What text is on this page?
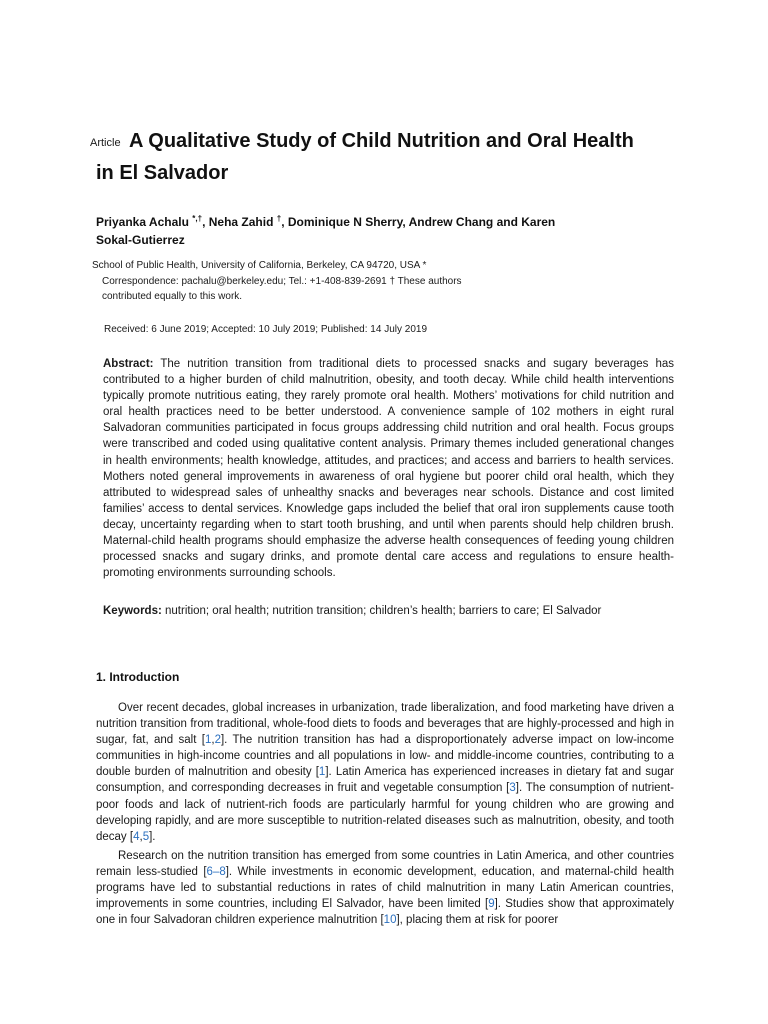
Article A Qualitative Study of Child Nutrition and Oral Health in El Salvador
Priyanka Achalu *,†, Neha Zahid †, Dominique N Sherry, Andrew Chang and Karen Sokal-Gutierrez
School of Public Health, University of California, Berkeley, CA 94720, USA *
Correspondence: pachalu@berkeley.edu; Tel.: +1-408-839-2691 † These authors contributed equally to this work.
Received: 6 June 2019; Accepted: 10 July 2019; Published: 14 July 2019

Abstract: The nutrition transition from traditional diets to processed snacks and sugary beverages has contributed to a higher burden of child malnutrition, obesity, and tooth decay. While child health interventions typically promote nutritious eating, they rarely promote oral health. Mothers’ motivations for child nutrition and oral health practices need to be better understood. A convenience sample of 102 mothers in eight rural Salvadoran communities participated in focus groups addressing child nutrition and oral health. Focus groups were transcribed and coded using qualitative content analysis. Primary themes included generational changes in health environments; health knowledge, attitudes, and practices; and access and barriers to health services. Mothers noted general improvements in awareness of oral hygiene but poorer child oral health, which they attributed to widespread sales of unhealthy snacks and beverages near schools. Distance and cost limited families’ access to dental services. Knowledge gaps included the belief that oral iron supplements cause tooth decay, uncertainty regarding when to start tooth brushing, and until when parents should help children brush. Maternal-child health programs should emphasize the adverse health consequences of feeding young children processed snacks and sugary drinks, and promote dental care access and regulations to ensure health-promoting environments surrounding schools.

Keywords: nutrition; oral health; nutrition transition; children’s health; barriers to care; El Salvador
1. Introduction

Over recent decades, global increases in urbanization, trade liberalization, and food marketing have driven a nutrition transition from traditional, whole-food diets to foods and beverages that are highly-processed and high in sugar, fat, and salt [1,2]. The nutrition transition has had a disproportionately adverse impact on low-income communities in high-income countries and all populations in low- and middle-income countries, contributing to a double burden of malnutrition and obesity [1]. Latin America has experienced increases in dietary fat and sugar consumption, and corresponding decreases in fruit and vegetable consumption [3]. The consumption of nutrient-poor foods and lack of nutrient-rich foods are particularly harmful for young children who are growing and developing rapidly, and are more susceptible to nutrition-related diseases such as malnutrition, obesity, and tooth decay [4,5].

Research on the nutrition transition has emerged from some countries in Latin America, and other countries remain less-studied [6–8]. While investments in economic development, education, and maternal-child health programs have led to substantial reductions in rates of child malnutrition in many Latin American countries, improvements in some countries, including El Salvador, have been limited [9]. Studies show that approximately one in four Salvadoran children experience malnutrition [10], placing them at risk for poorer
